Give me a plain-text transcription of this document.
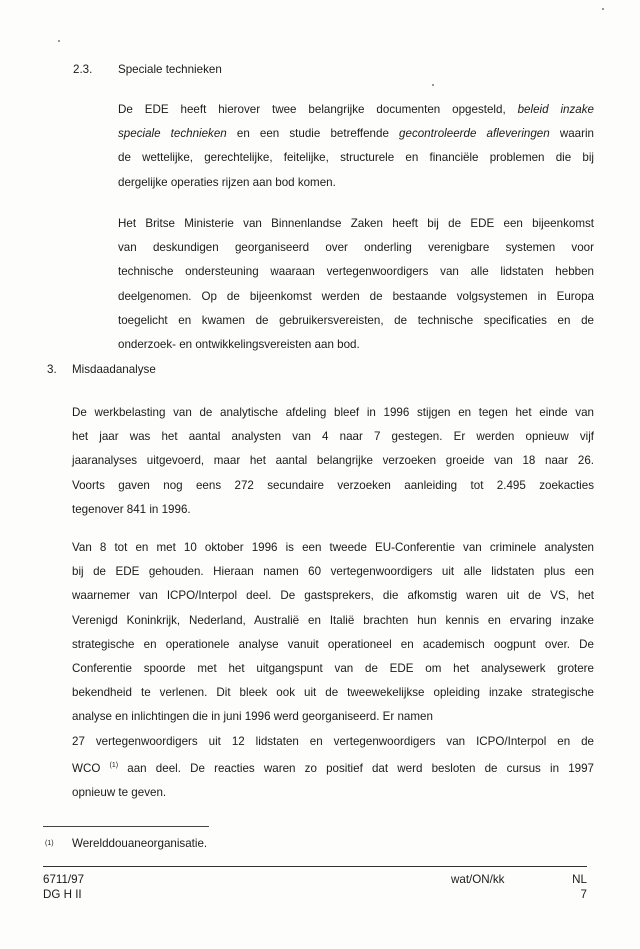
2.3. Speciale technieken
De EDE heeft hierover twee belangrijke documenten opgesteld, beleid inzake
speciale technieken en een studie betreffende gecontroleerde afleveringen waarin
de wettelijke, gerechtelijke, feitelijke, structurele en financiële problemen die bij
dergelijke operaties rijzen aan bod komen.
Het Britse Ministerie van Binnenlandse Zaken heeft bij de EDE een bijeenkomst
van deskundigen georganiseerd over onderling verenigbare systemen voor
technische ondersteuning waaraan vertegenwoordigers van alle lidstaten hebben
deelgenomen. Op de bijeenkomst werden de bestaande volgsystemen in Europa
toegelicht en kwamen de gebruikersvereisten, de technische specificaties en de
onderzoek- en ontwikkelingsvereisten aan bod.
3. Misdaadanalyse
De werkbelasting van de analytische afdeling bleef in 1996 stijgen en tegen het einde van
het jaar was het aantal analysten van 4 naar 7 gestegen. Er werden opnieuw vijf
jaaranalyses uitgevoerd, maar het aantal belangrijke verzoeken groeide van 18 naar 26.
Voorts gaven nog eens 272 secundaire verzoeken aanleiding tot 2.495 zoekacties
tegenover 841 in 1996.
Van 8 tot en met 10 oktober 1996 is een tweede EU-Conferentie van criminele analysten
bij de EDE gehouden. Hieraan namen 60 vertegenwoordigers uit alle lidstaten plus een
waarnemer van ICPO/Interpol deel. De gastsprekers, die afkomstig waren uit de VS, het
Verenigd Koninkrijk, Nederland, Australië en Italië brachten hun kennis en ervaring inzake
strategische en operationele analyse vanuit operationeel en academisch oogpunt over. De
Conferentie spoorde met het uitgangspunt van de EDE om het analysewerk grotere
bekendheid te verlenen. Dit bleek ook uit de tweewekelijkse opleiding inzake strategische
analyse en inlichtingen die in juni 1996 werd georganiseerd. Er namen
27 vertegenwoordigers uit 12 lidstaten en vertegenwoordigers van ICPO/Interpol en de
WCO $^{(1)}$ aan deel. De reacties waren zo positief dat werd besloten de cursus in 1997
opnieuw te geven.
$^{(1)}$ Werelddouaneorganisatie.
6711/97
DG H II
wat/ON/kk	NL
7
